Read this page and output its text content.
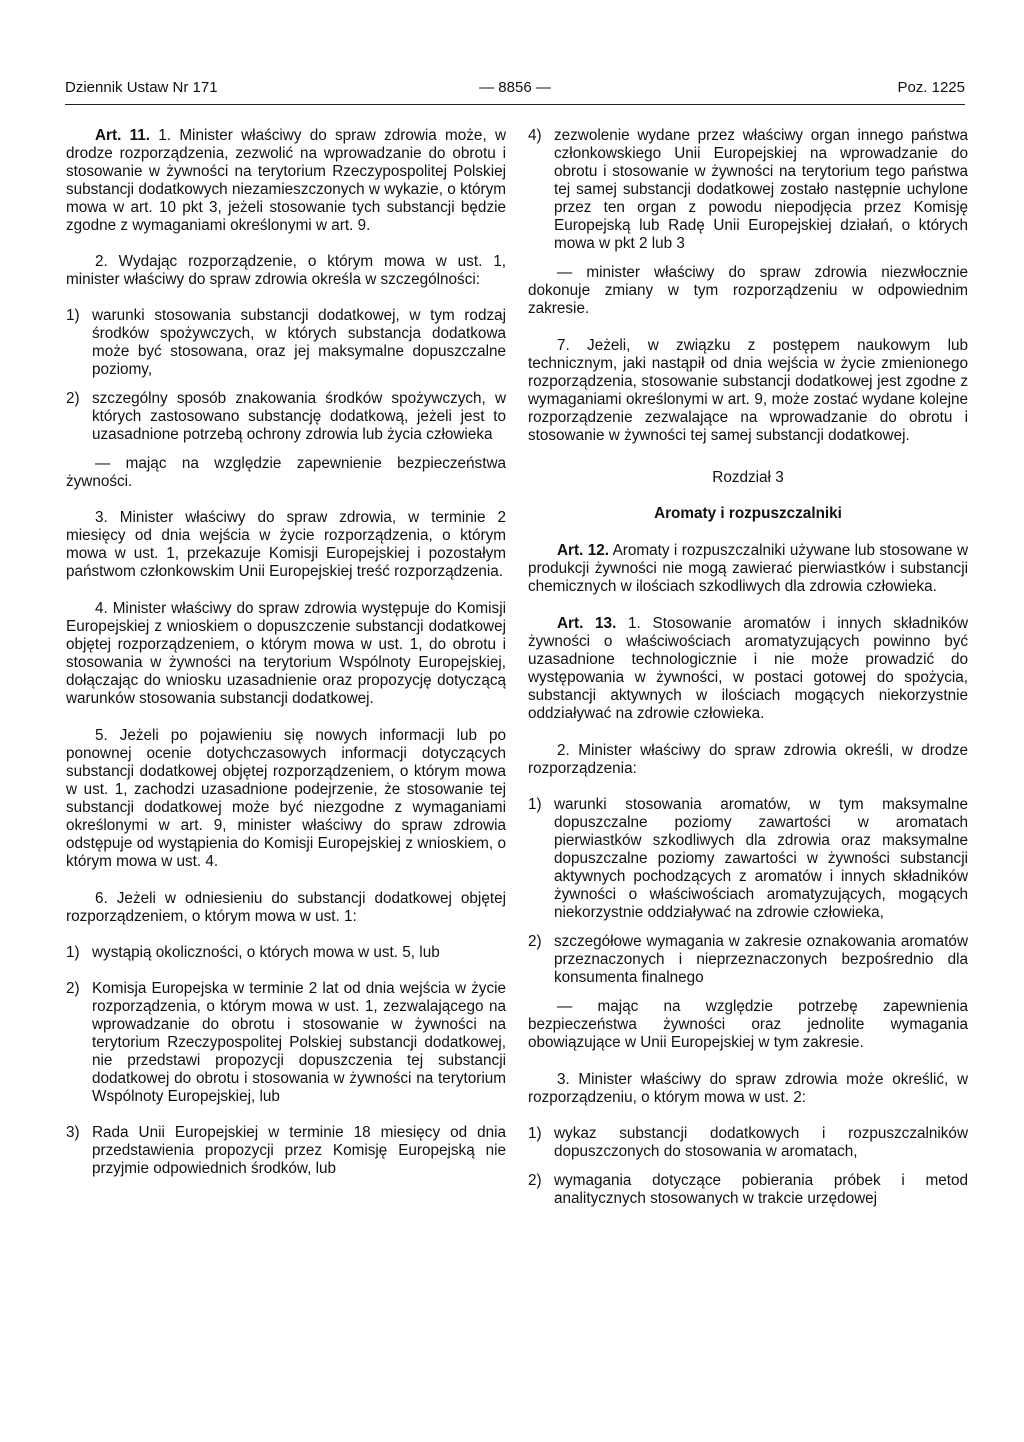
Dziennik Ustaw Nr 171	— 8856 —	Poz. 1225

Art. 11. 1. Minister właściwy do spraw zdrowia może, w drodze rozporządzenia, zezwolić na wprowadzanie do obrotu i stosowanie w żywności na terytorium Rzeczypospolitej Polskiej substancji dodatkowych niezamieszczonych w wykazie, o którym mowa w art. 10 pkt 3, jeżeli stosowanie tych substancji będzie zgodne z wymaganiami określonymi w art. 9.

2. Wydając rozporządzenie, o którym mowa w ust. 1, minister właściwy do spraw zdrowia określa w szczególności:

1) warunki stosowania substancji dodatkowej, w tym rodzaj środków spożywczych, w których substancja dodatkowa może być stosowana, oraz jej maksymalne dopuszczalne poziomy,
2) szczególny sposób znakowania środków spożywczych, w których zastosowano substancję dodatkową, jeżeli jest to uzasadnione potrzebą ochrony zdrowia lub życia człowieka

— mając na względzie zapewnienie bezpieczeństwa żywności.

3. Minister właściwy do spraw zdrowia, w terminie 2 miesięcy od dnia wejścia w życie rozporządzenia, o którym mowa w ust. 1, przekazuje Komisji Europejskiej i pozostałym państwom członkowskim Unii Europejskiej treść rozporządzenia.

4. Minister właściwy do spraw zdrowia występuje do Komisji Europejskiej z wnioskiem o dopuszczenie substancji dodatkowej objętej rozporządzeniem, o którym mowa w ust. 1, do obrotu i stosowania w żywności na terytorium Wspólnoty Europejskiej, dołączając do wniosku uzasadnienie oraz propozycję dotyczącą warunków stosowania substancji dodatkowej.

5. Jeżeli po pojawieniu się nowych informacji lub po ponownej ocenie dotychczasowych informacji dotyczących substancji dodatkowej objętej rozporządzeniem, o którym mowa w ust. 1, zachodzi uzasadnione podejrzenie, że stosowanie tej substancji dodatkowej może być niezgodne z wymaganiami określonymi w art. 9, minister właściwy do spraw zdrowia odstępuje od wystąpienia do Komisji Europejskiej z wnioskiem, o którym mowa w ust. 4.

6. Jeżeli w odniesieniu do substancji dodatkowej objętej rozporządzeniem, o którym mowa w ust. 1:

1) wystąpią okoliczności, o których mowa w ust. 5, lub
2) Komisja Europejska w terminie 2 lat od dnia wejścia w życie rozporządzenia, o którym mowa w ust. 1, zezwalającego na wprowadzanie do obrotu i stosowanie w żywności na terytorium Rzeczypospolitej Polskiej substancji dodatkowej, nie przedstawi propozycji dopuszczenia tej substancji dodatkowej do obrotu i stosowania w żywności na terytorium Wspólnoty Europejskiej, lub
3) Rada Unii Europejskiej w terminie 18 miesięcy od dnia przedstawienia propozycji przez Komisję Europejską nie przyjmie odpowiednich środków, lub
4) zezwolenie wydane przez właściwy organ innego państwa członkowskiego Unii Europejskiej na wprowadzanie do obrotu i stosowanie w żywności na terytorium tego państwa tej samej substancji dodatkowej zostało następnie uchylone przez ten organ z powodu niepodjęcia przez Komisję Europejską lub Radę Unii Europejskiej działań, o których mowa w pkt 2 lub 3

— minister właściwy do spraw zdrowia niezwłocznie dokonuje zmiany w tym rozporządzeniu w odpowiednim zakresie.

7. Jeżeli, w związku z postępem naukowym lub technicznym, jaki nastąpił od dnia wejścia w życie zmienionego rozporządzenia, stosowanie substancji dodatkowej jest zgodne z wymaganiami określonymi w art. 9, może zostać wydane kolejne rozporządzenie zezwalające na wprowadzanie do obrotu i stosowanie w żywności tej samej substancji dodatkowej.

Rozdział 3

Aromaty i rozpuszczalniki

Art. 12. Aromaty i rozpuszczalniki używane lub stosowane w produkcji żywności nie mogą zawierać pierwiastków i substancji chemicznych w ilościach szkodliwych dla zdrowia człowieka.

Art. 13. 1. Stosowanie aromatów i innych składników żywności o właściwościach aromatyzujących powinno być uzasadnione technologicznie i nie może prowadzić do występowania w żywności, w postaci gotowej do spożycia, substancji aktywnych w ilościach mogących niekorzystnie oddziaływać na zdrowie człowieka.

2. Minister właściwy do spraw zdrowia określi, w drodze rozporządzenia:

1) warunki stosowania aromatów, w tym maksymalne dopuszczalne poziomy zawartości w aromatach pierwiastków szkodliwych dla zdrowia oraz maksymalne dopuszczalne poziomy zawartości w żywności substancji aktywnych pochodzących z aromatów i innych składników żywności o właściwościach aromatyzujących, mogących niekorzystnie oddziaływać na zdrowie człowieka,
2) szczegółowe wymagania w zakresie oznakowania aromatów przeznaczonych i nieprzeznaczonych bezpośrednio dla konsumenta finalnego

— mając na względzie potrzebę zapewnienia bezpieczeństwa żywności oraz jednolite wymagania obowiązujące w Unii Europejskiej w tym zakresie.

3. Minister właściwy do spraw zdrowia może określić, w rozporządzeniu, o którym mowa w ust. 2:

1) wykaz substancji dodatkowych i rozpuszczalników dopuszczonych do stosowania w aromatach,
2) wymagania dotyczące pobierania próbek i metod analitycznych stosowanych w trakcie urzędowej
